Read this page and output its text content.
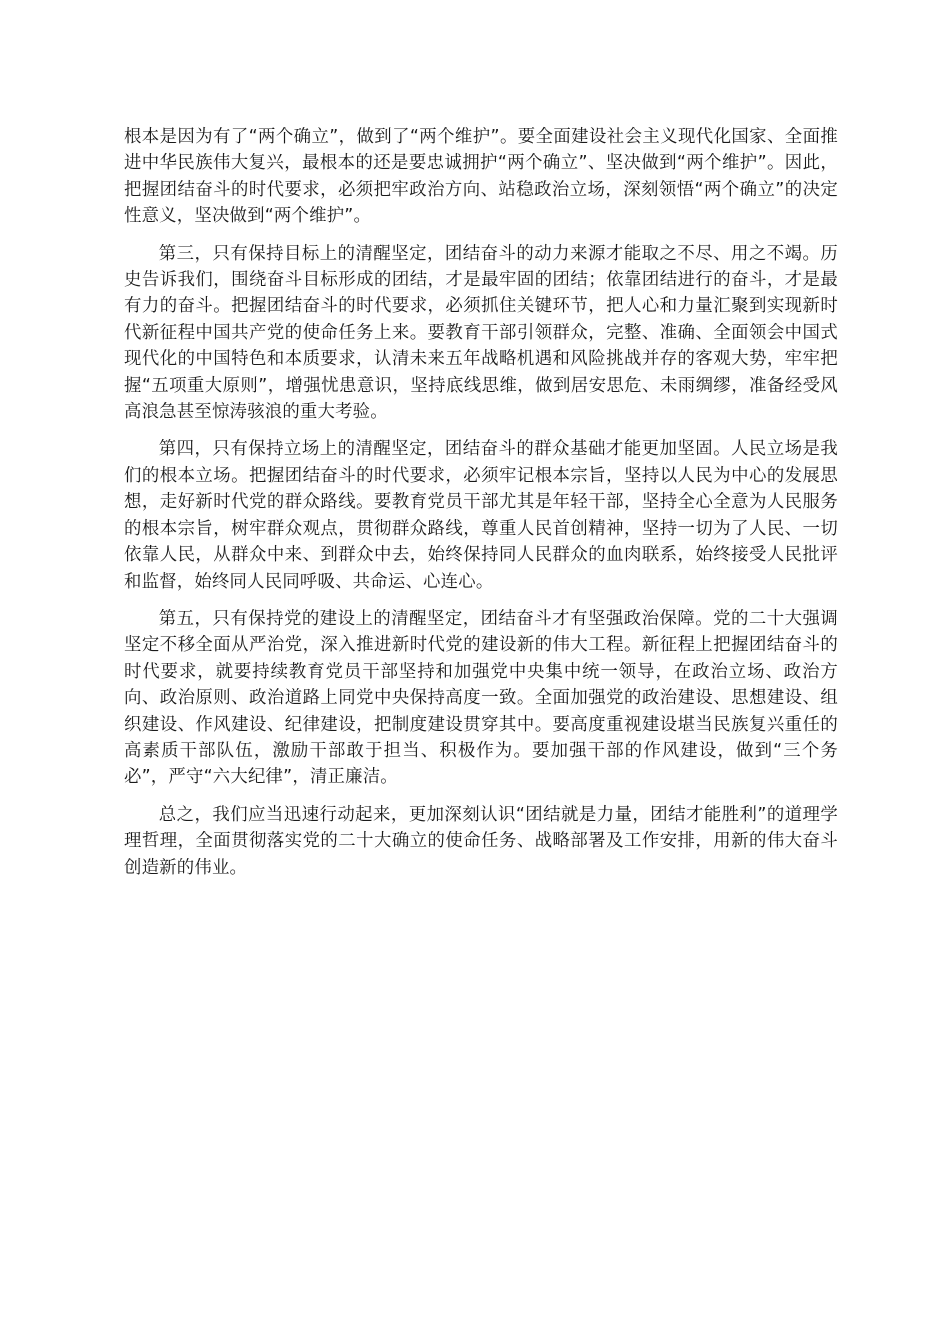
根本是因为有了“两个确立”，做到了“两个维护”。要全面建设社会主义现代化国家、全面推进中华民族伟大复兴，最根本的还是要忠诚拥护“两个确立”、坚决做到“两个维护”。因此，把握团结奋斗的时代要求，必须把牢政治方向、站稳政治立场，深刻领悟“两个确立”的决定性意义，坚决做到“两个维护”。

第三，只有保持目标上的清醒坚定，团结奋斗的动力来源才能取之不尽、用之不竭。历史告诉我们，围绕奋斗目标形成的团结，才是最牢固的团结；依靠团结进行的奋斗，才是最有力的奋斗。把握团结奋斗的时代要求，必须抓住关键环节，把人心和力量汇聚到实现新时代新征程中国共产党的使命任务上来。要教育干部引领群众，完整、准确、全面领会中国式现代化的中国特色和本质要求，认清未来五年战略机遇和风险挑战并存的客观大势，牢牢把握“五项重大原则”，增强忧患意识，坚持底线思维，做到居安思危、未雨绸缪，准备经受风高浪急甚至惊涛骇浪的重大考验。

第四，只有保持立场上的清醒坚定，团结奋斗的群众基础才能更加坚固。人民立场是我们的根本立场。把握团结奋斗的时代要求，必须牢记根本宗旨，坚持以人民为中心的发展思想，走好新时代党的群众路线。要教育党员干部尤其是年轻干部，坚持全心全意为人民服务的根本宗旨，树牢群众观点，贯彻群众路线，尊重人民首创精神，坚持一切为了人民、一切依靠人民，从群众中来、到群众中去，始终保持同人民群众的血肉联系，始终接受人民批评和监督，始终同人民同呼吸、共命运、心连心。

第五，只有保持党的建设上的清醒坚定，团结奋斗才有坚强政治保障。党的二十大强调坚定不移全面从严治党，深入推进新时代党的建设新的伟大工程。新征程上把握团结奋斗的时代要求，就要持续教育党员干部坚持和加强党中央集中统一领导，在政治立场、政治方向、政治原则、政治道路上同党中央保持高度一致。全面加强党的政治建设、思想建设、组织建设、作风建设、纪律建设，把制度建设贯穿其中。要高度重视建设堪当民族复兴重任的高素质干部队伍，激励干部敢于担当、积极作为。要加强干部的作风建设，做到“三个务必”，严守“六大纪律”，清正廉洁。

总之，我们应当迅速行动起来，更加深刻认识“团结就是力量，团结才能胜利”的道理学理哲理，全面贯彻落实党的二十大确立的使命任务、战略部署及工作安排，用新的伟大奋斗创造新的伟业。
